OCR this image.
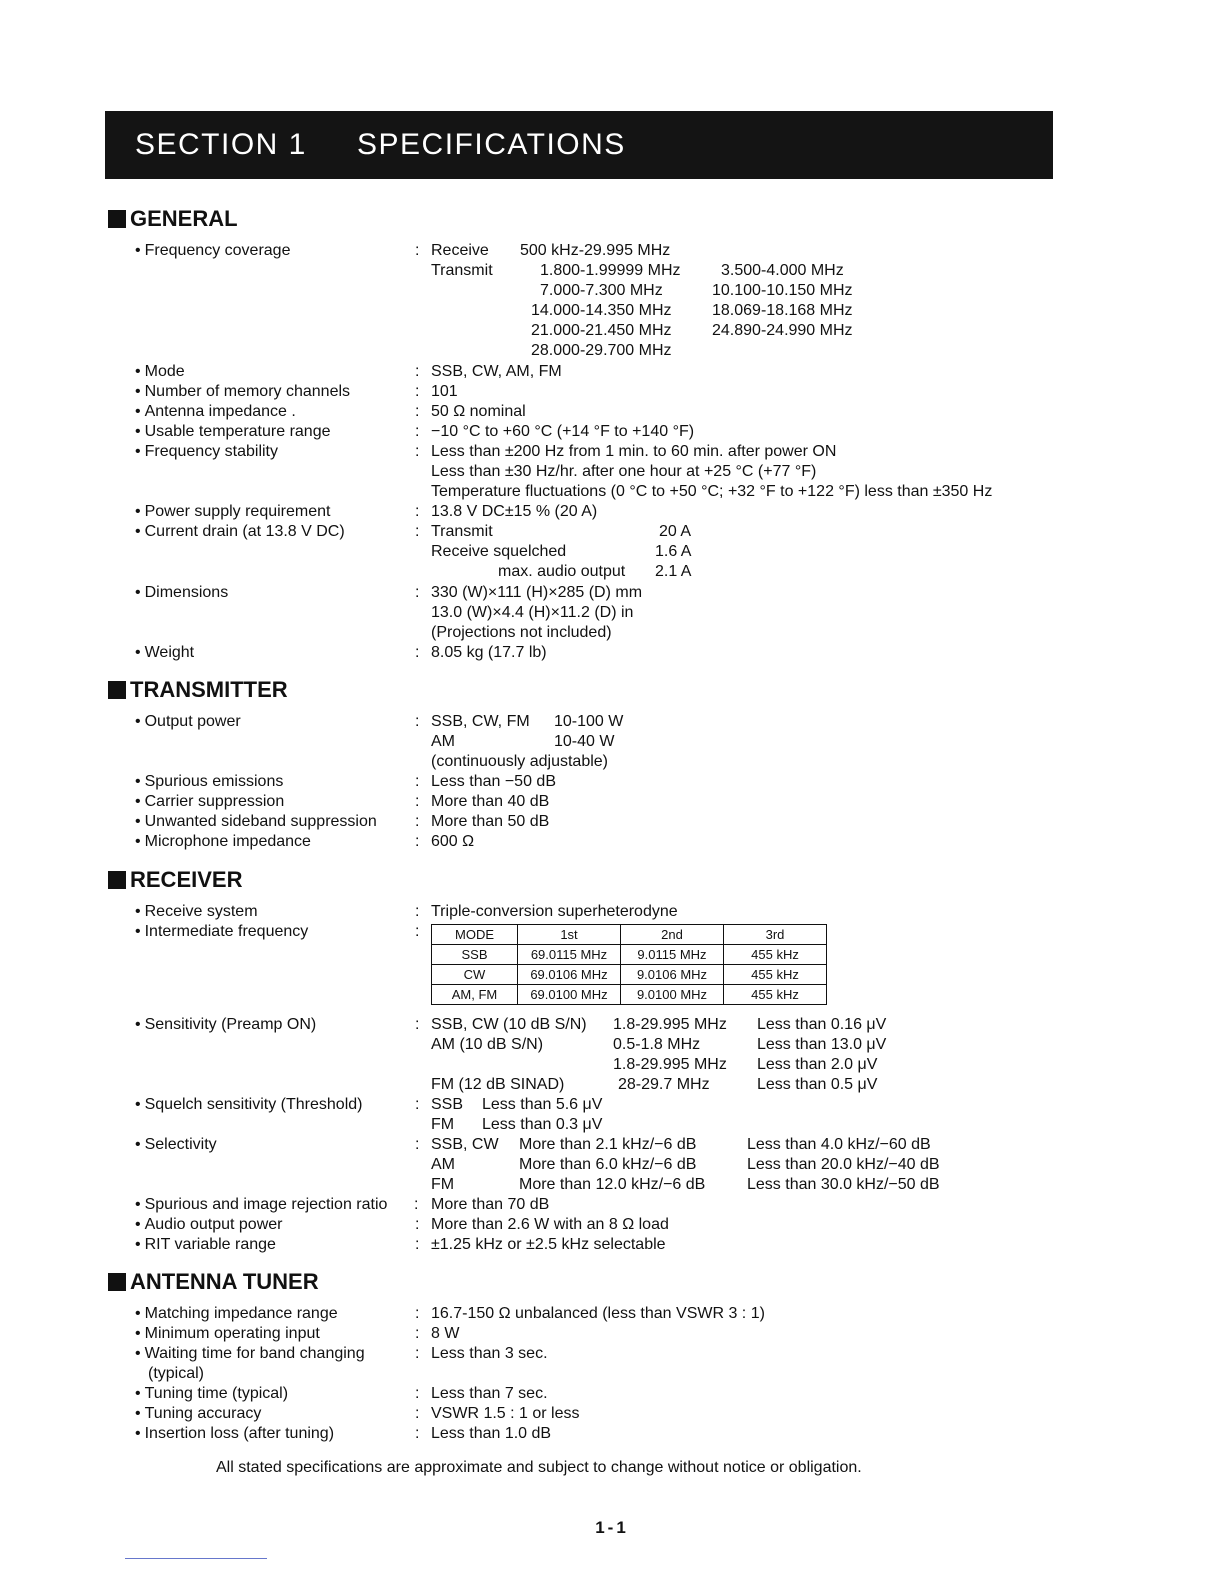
SECTION 1 SPECIFICATIONS
GENERAL
• Frequency coverage	Receive 500 kHz-29.995 MHz
Transmit	1.800-1.99999 MHz	3.500-4.000 MHz
7.000-7.300 MHz	10.100-10.150 MHz
14.000-14.350 MHz	18.069-18.168 MHz
21.000-21.450 MHz	24.890-24.990 MHz
28.000-29.700 MHz
• Mode	SSB, CW, AM, FM
• Number of memory channels	101
• Antenna impedance .	50 Ω nominal
• Usable temperature range	−10 °C to +60 °C (+14 °F to +140 °F)
• Frequency stability	Less than ±200 Hz from 1 min. to 60 min. after power ON
Less than ±30 Hz/hr. after one hour at +25 °C (+77 °F)
Temperature fluctuations (0 °C to +50 °C; +32 °F to +122 °F) less than ±350 Hz
• Power supply requirement	13.8 V DC±15 % (20 A)
• Current drain (at 13.8 V DC)	Transmit	20 A
Receive squelched	1.6 A
max. audio output 2.1 A
• Dimensions	330 (W)×111 (H)×285 (D) mm
13.0 (W)×4.4 (H)×11.2 (D) in
(Projections not included)
• Weight	8.05 kg (17.7 lb)
TRANSMITTER
• Output power	SSB, CW, FM 10-100 W
AM	10-40 W
(continuously adjustable)
• Spurious emissions	Less than −50 dB
• Carrier suppression	More than 40 dB
• Unwanted sideband suppression	More than 50 dB
• Microphone impedance	600 Ω
RECEIVER
• Receive system	Triple-conversion superheterodyne
• Intermediate frequency	MODE	1st	2nd	3rd
SSB	69.0115 MHz	9.0115 MHz	455 kHz
CW	69.0106 MHz	9.0106 MHz	455 kHz
AM, FM	69.0100 MHz	9.0100 MHz	455 kHz
• Sensitivity (Preamp ON)	SSB, CW (10 dB S/N) 1.8-29.995 MHz Less than 0.16 μV
AM (10 dB S/N)	0.5-1.8 MHz	Less than 13.0 μV
1.8-29.995 MHz Less than 2.0 μV
FM (12 dB SINAD)	28-29.7 MHz	Less than 0.5 μV
• Squelch sensitivity (Threshold)	SSB Less than 5.6 μV
FM Less than 0.3 μV
• Selectivity	SSB, CW More than 2.1 kHz/−6 dB	Less than 4.0 kHz/−60 dB
AM	More than 6.0 kHz/−6 dB	Less than 20.0 kHz/−40 dB
FM	More than 12.0 kHz/−6 dB	Less than 30.0 kHz/−50 dB
• Spurious and image rejection ratio : More than 70 dB
• Audio output power	More than 2.6 W with an 8 Ω load
• RIT variable range	±1.25 kHz or ±2.5 kHz selectable
ANTENNA TUNER
• Matching impedance range	16.7-150 Ω unbalanced (less than VSWR 3 : 1)
• Minimum operating input	8 W
• Waiting time for band changing	Less than 3 sec.
(typical)
• Tuning time (typical)	Less than 7 sec.
• Tuning accuracy	VSWR 1.5 : 1 or less
• Insertion loss (after tuning)	Less than 1.0 dB
All stated specifications are approximate and subject to change without notice or obligation.
1-1
